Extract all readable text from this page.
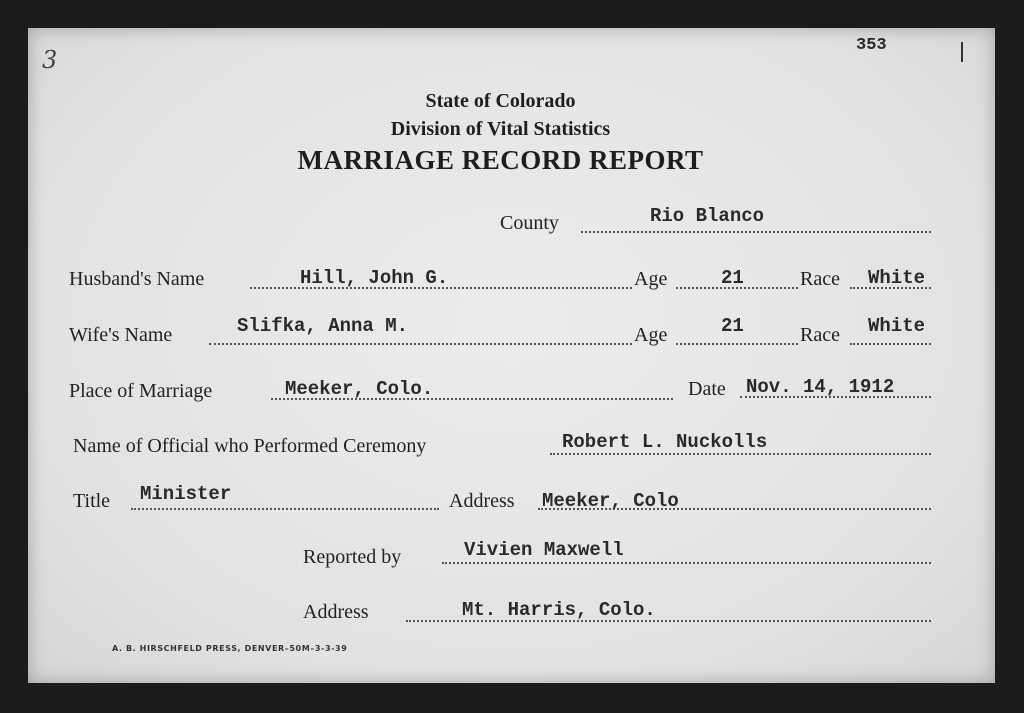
3
353
State of Colorado
Division of Vital Statistics
MARRIAGE RECORD REPORT
County	Rio Blanco
Husband's Name	Hill, John G.	Age	21	Race White
Wife's Name	Slifka, Anna M.	Age	21	Race White
Place of Marriage	Meeker, Colo.	Date Nov. 14, 1912
Name of Official who Performed Ceremony	Robert L. Nuckolls
Title Minister	Address Meeker, Colo
Reported by	Vivien Maxwell
Address	Mt. Harris, Colo.
A. B. HIRSCHFELD PRESS, DENVER–50M–3-3-39
